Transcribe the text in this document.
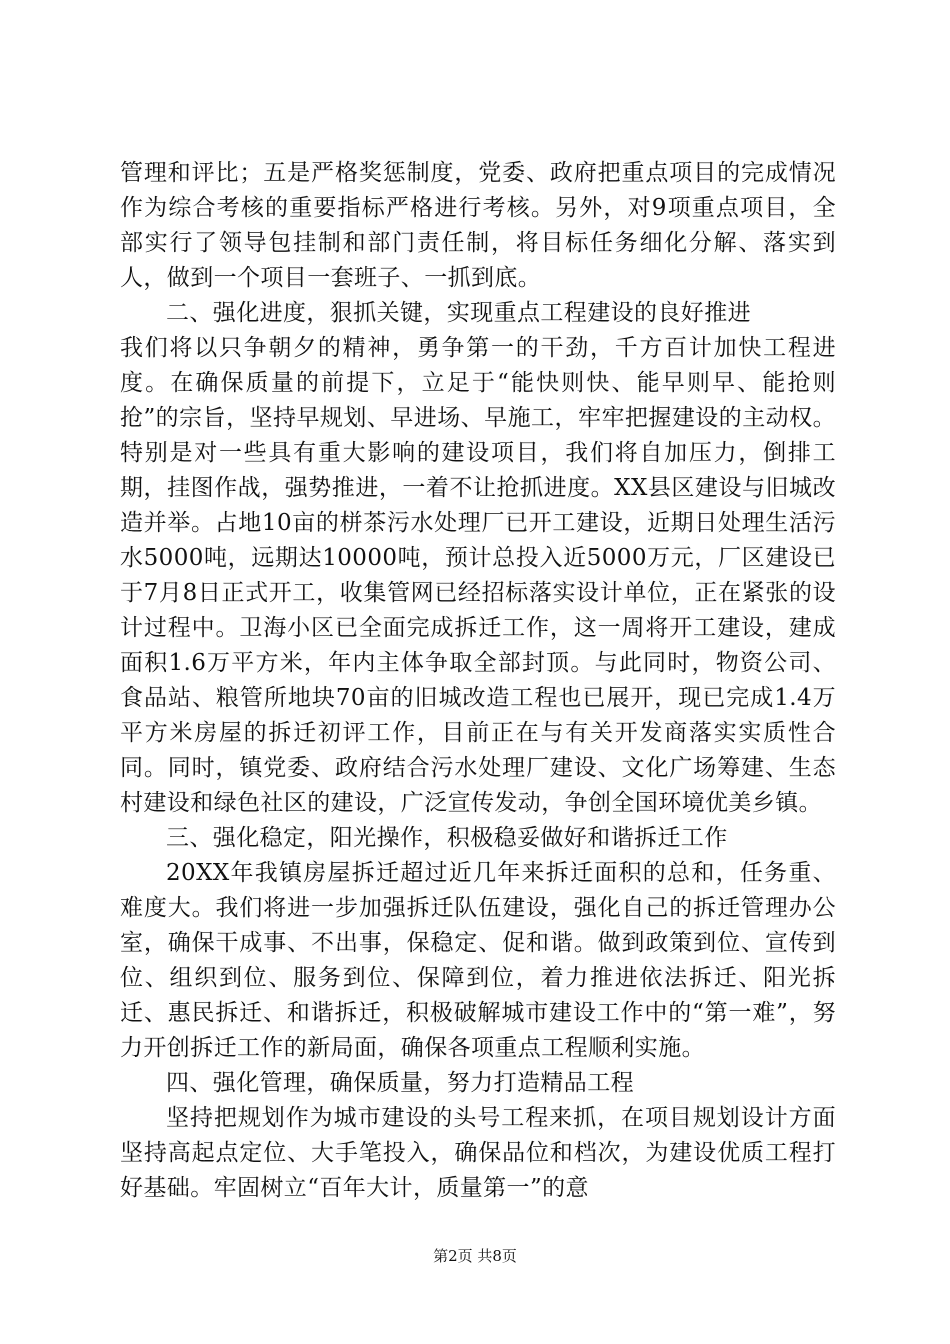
管理和评比；五是严格奖惩制度，党委、政府把重点项目的完成情况作为综合考核的重要指标严格进行考核。另外，对9项重点项目，全部实行了领导包挂制和部门责任制，将目标任务细化分解、落实到人，做到一个项目一套班子、一抓到底。

二、强化进度，狠抓关键，实现重点工程建设的良好推进

我们将以只争朝夕的精神，勇争第一的干劲，千方百计加快工程进度。在确保质量的前提下，立足于“能快则快、能早则早、能抢则抢”的宗旨，坚持早规划、早进场、早施工，牢牢把握建设的主动权。特别是对一些具有重大影响的建设项目，我们将自加压力，倒排工期，挂图作战，强势推进，一着不让抢抓进度。XX县区建设与旧城改造并举。占地10亩的栟茶污水处理厂已开工建设，近期日处理生活污水5000吨，远期达10000吨，预计总投入近5000万元，厂区建设已于7月8日正式开工，收集管网已经招标落实设计单位，正在紧张的设计过程中。卫海小区已全面完成拆迁工作，这一周将开工建设，建成面积1.6万平方米，年内主体争取全部封顶。与此同时，物资公司、食品站、粮管所地块70亩的旧城改造工程也已展开，现已完成1.4万平方米房屋的拆迁初评工作，目前正在与有关开发商落实实质性合同。同时，镇党委、政府结合污水处理厂建设、文化广场筹建、生态村建设和绿色社区的建设，广泛宣传发动，争创全国环境优美乡镇。

三、强化稳定，阳光操作，积极稳妥做好和谐拆迁工作

20XX年我镇房屋拆迁超过近几年来拆迁面积的总和，任务重、难度大。我们将进一步加强拆迁队伍建设，强化自己的拆迁管理办公室，确保干成事、不出事，保稳定、促和谐。做到政策到位、宣传到位、组织到位、服务到位、保障到位，着力推进依法拆迁、阳光拆迁、惠民拆迁、和谐拆迁，积极破解城市建设工作中的“第一难”，努力开创拆迁工作的新局面，确保各项重点工程顺利实施。

四、强化管理，确保质量，努力打造精品工程

坚持把规划作为城市建设的头号工程来抓，在项目规划设计方面坚持高起点定位、大手笔投入，确保品位和档次，为建设优质工程打好基础。牢固树立“百年大计，质量第一”的意

第2页 共8页
